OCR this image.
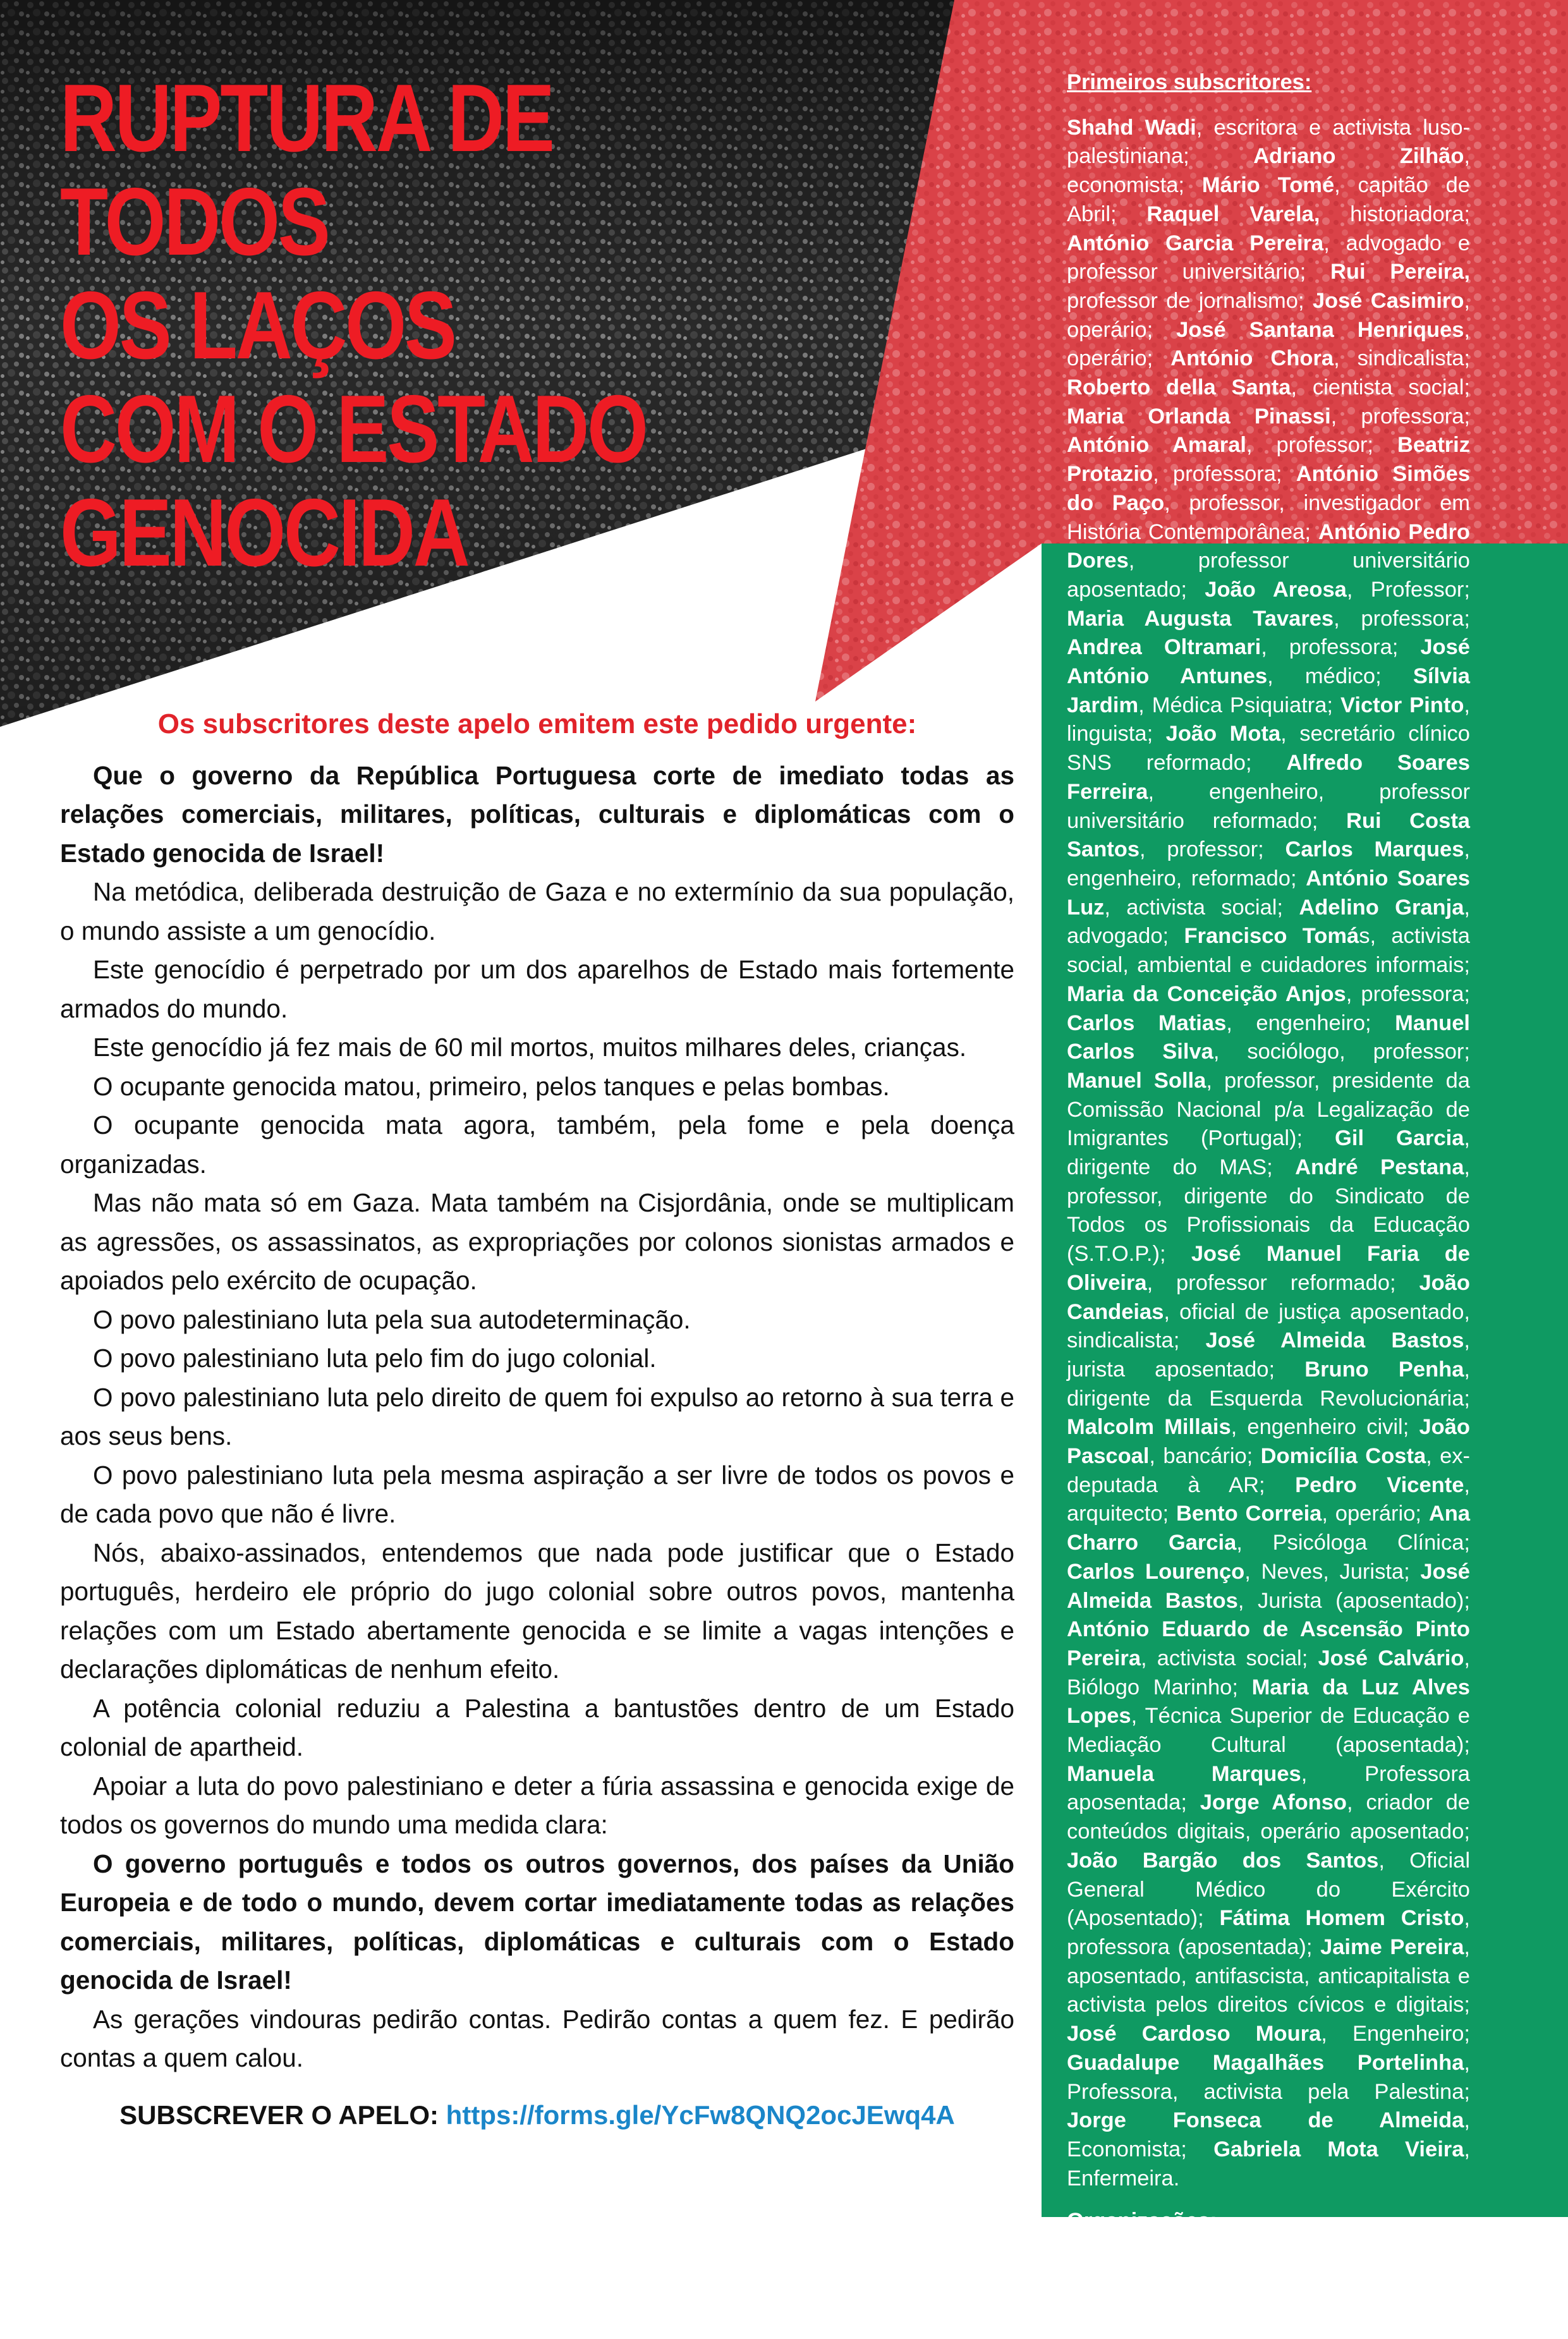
RUPTURA DE TODOS
OS LAÇOS
COM O ESTADO
GENOCIDA

Primeiros subscritores:

Shahd Wadi, escritora e activista luso-palestiniana; Adriano Zilhão, economista; Mário Tomé, capitão de Abril; Raquel Varela, historiadora; António Garcia Pereira, advogado e professor universitário; Rui Pereira, professor de jornalismo; José Casimiro, operário; José Santana Henriques, operário; António Chora, sindicalista; Roberto della Santa, cientista social; Maria Orlanda Pinassi, professora; António Amaral, professor; Beatriz Protazio, professora; António Simões do Paço, professor, investigador em História Contemporânea; António Pedro Dores, professor universitário aposentado; João Areosa, Professor; Maria Augusta Tavares, professora; Andrea Oltramari, professora; José António Antunes, médico; Sílvia Jardim, Médica Psiquiatra; Victor Pinto, linguista; João Mota, secretário clínico SNS reformado; Alfredo Soares Ferreira, engenheiro, professor universitário reformado; Rui Costa Santos, professor; Carlos Marques, engenheiro, reformado; António Soares Luz, activista social; Adelino Granja, advogado; Francisco Tomás, activista social, ambiental e cuidadores informais; Maria da Conceição Anjos, professora; Carlos Matias, engenheiro; Manuel Carlos Silva, sociólogo, professor; Manuel Solla, professor, presidente da Comissão Nacional p/a Legalização de Imigrantes (Portugal); Gil Garcia, dirigente do MAS; André Pestana, professor, dirigente do Sindicato de Todos os Profissionais da Educação (S.T.O.P.); José Manuel Faria de Oliveira, professor reformado; João Candeias, oficial de justiça aposentado, sindicalista; José Almeida Bastos, jurista aposentado; Bruno Penha, dirigente da Esquerda Revolucionária; Malcolm Millais, engenheiro civil; João Pascoal, bancário; Domicília Costa, ex-deputada à AR; Pedro Vicente, arquitecto; Bento Correia, operário; Ana Charro Garcia, Psicóloga Clínica; Carlos Lourenço, Neves, Jurista; José Almeida Bastos, Jurista (aposentado); António Eduardo de Ascensão Pinto Pereira, activista social; José Calvário, Biólogo Marinho; Maria da Luz Alves Lopes, Técnica Superior de Educação e Mediação Cultural (aposentada); Manuela Marques, Professora aposentada; Jorge Afonso, criador de conteúdos digitais, operário aposentado; João Bargão dos Santos, Oficial General Médico do Exército (Aposentado); Fátima Homem Cristo, professora (aposentada); Jaime Pereira, aposentado, antifascista, anticapitalista e activista pelos direitos cívicos e digitais; José Cardoso Moura, Engenheiro; Guadalupe Magalhães Portelinha, Professora, activista pela Palestina; Jorge Fonseca de Almeida, Economista; Gabriela Mota Vieira, Enfermeira.

Organizações:

Plataforma por um Partido dos Trabalhadores; Esquerda Revolucionária.

Os subscritores deste apelo emitem este pedido urgente:

Que o governo da República Portuguesa corte de imediato todas as relações comerciais, militares, políticas, culturais e diplomáticas com o Estado genocida de Israel!

Na metódica, deliberada destruição de Gaza e no extermínio da sua população, o mundo assiste a um genocídio.

Este genocídio é perpetrado por um dos aparelhos de Estado mais fortemente armados do mundo.

Este genocídio já fez mais de 60 mil mortos, muitos milhares deles, crianças.

O ocupante genocida matou, primeiro, pelos tanques e pelas bombas.

O ocupante genocida mata agora, também, pela fome e pela doença organizadas.

Mas não mata só em Gaza. Mata também na Cisjordânia, onde se multiplicam as agressões, os assassinatos, as expropriações por colonos sionistas armados e apoiados pelo exército de ocupação.

O povo palestiniano luta pela sua autodeterminação.

O povo palestiniano luta pelo fim do jugo colonial.

O povo palestiniano luta pelo direito de quem foi expulso ao retorno à sua terra e aos seus bens.

O povo palestiniano luta pela mesma aspiração a ser livre de todos os povos e de cada povo que não é livre.

Nós, abaixo-assinados, entendemos que nada pode justificar que o Estado português, herdeiro ele próprio do jugo colonial sobre outros povos, mantenha relações com um Estado abertamente genocida e se limite a vagas intenções e declarações diplomáticas de nenhum efeito.

A potência colonial reduziu a Palestina a bantustões dentro de um Estado colonial de apartheid.

Apoiar a luta do povo palestiniano e deter a fúria assassina e genocida exige de todos os governos do mundo uma medida clara:

O governo português e todos os outros governos, dos países da União Europeia e de todo o mundo, devem cortar imediatamente todas as relações comerciais, militares, políticas, diplomáticas e culturais com o Estado genocida de Israel!

As gerações vindouras pedirão contas. Pedirão contas a quem fez. E pedirão contas a quem calou.

SUBSCREVER O APELO: https://forms.gle/YcFw8QNQ2ocJEwq4A
